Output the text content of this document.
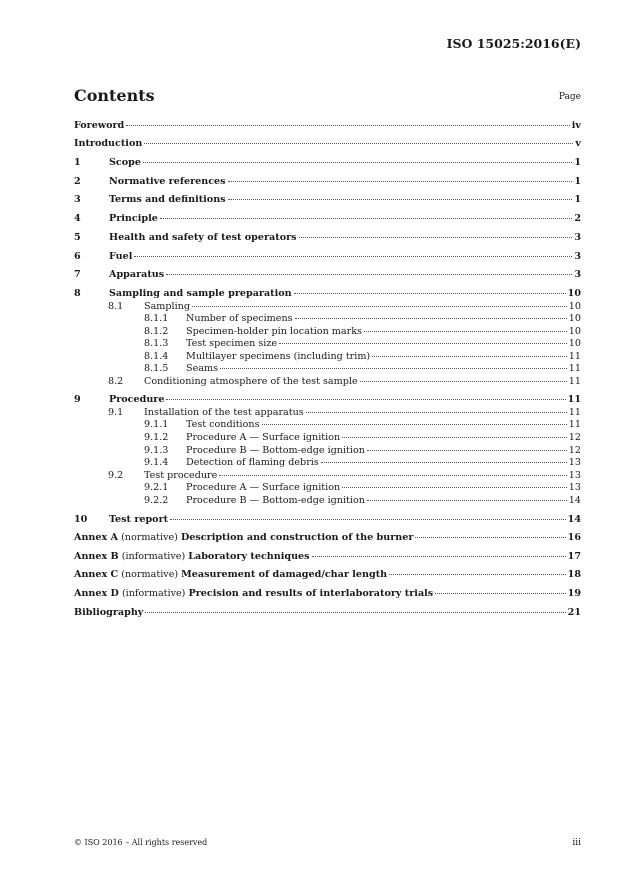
ISO 15025:2016(E)
Contents	Page
Foreword	iv
Introduction	v
1	Scope	1
2	Normative references	1
3	Terms and definitions	1
4	Principle	2
5	Health and safety of test operators	3
6	Fuel	3
7	Apparatus	3
8	Sampling and sample preparation	10
8.1	Sampling	10
8.1.1	Number of specimens	10
8.1.2	Specimen-holder pin location marks	10
8.1.3	Test specimen size	10
8.1.4	Multilayer specimens (including trim)	11
8.1.5	Seams	11
8.2	Conditioning atmosphere of the test sample	11
9	Procedure	11
9.1	Installation of the test apparatus	11
9.1.1	Test conditions	11
9.1.2	Procedure A — Surface ignition	12
9.1.3	Procedure B — Bottom-edge ignition	12
9.1.4	Detection of flaming debris	13
9.2	Test procedure	13
9.2.1	Procedure A — Surface ignition	13
9.2.2	Procedure B — Bottom-edge ignition	14
10	Test report	14
Annex A (normative) Description and construction of the burner	16
Annex B (informative) Laboratory techniques	17
Annex C (normative) Measurement of damaged/char length	18
Annex D (informative) Precision and results of interlaboratory trials	19
Bibliography	21
© ISO 2016 – All rights reserved	iii
